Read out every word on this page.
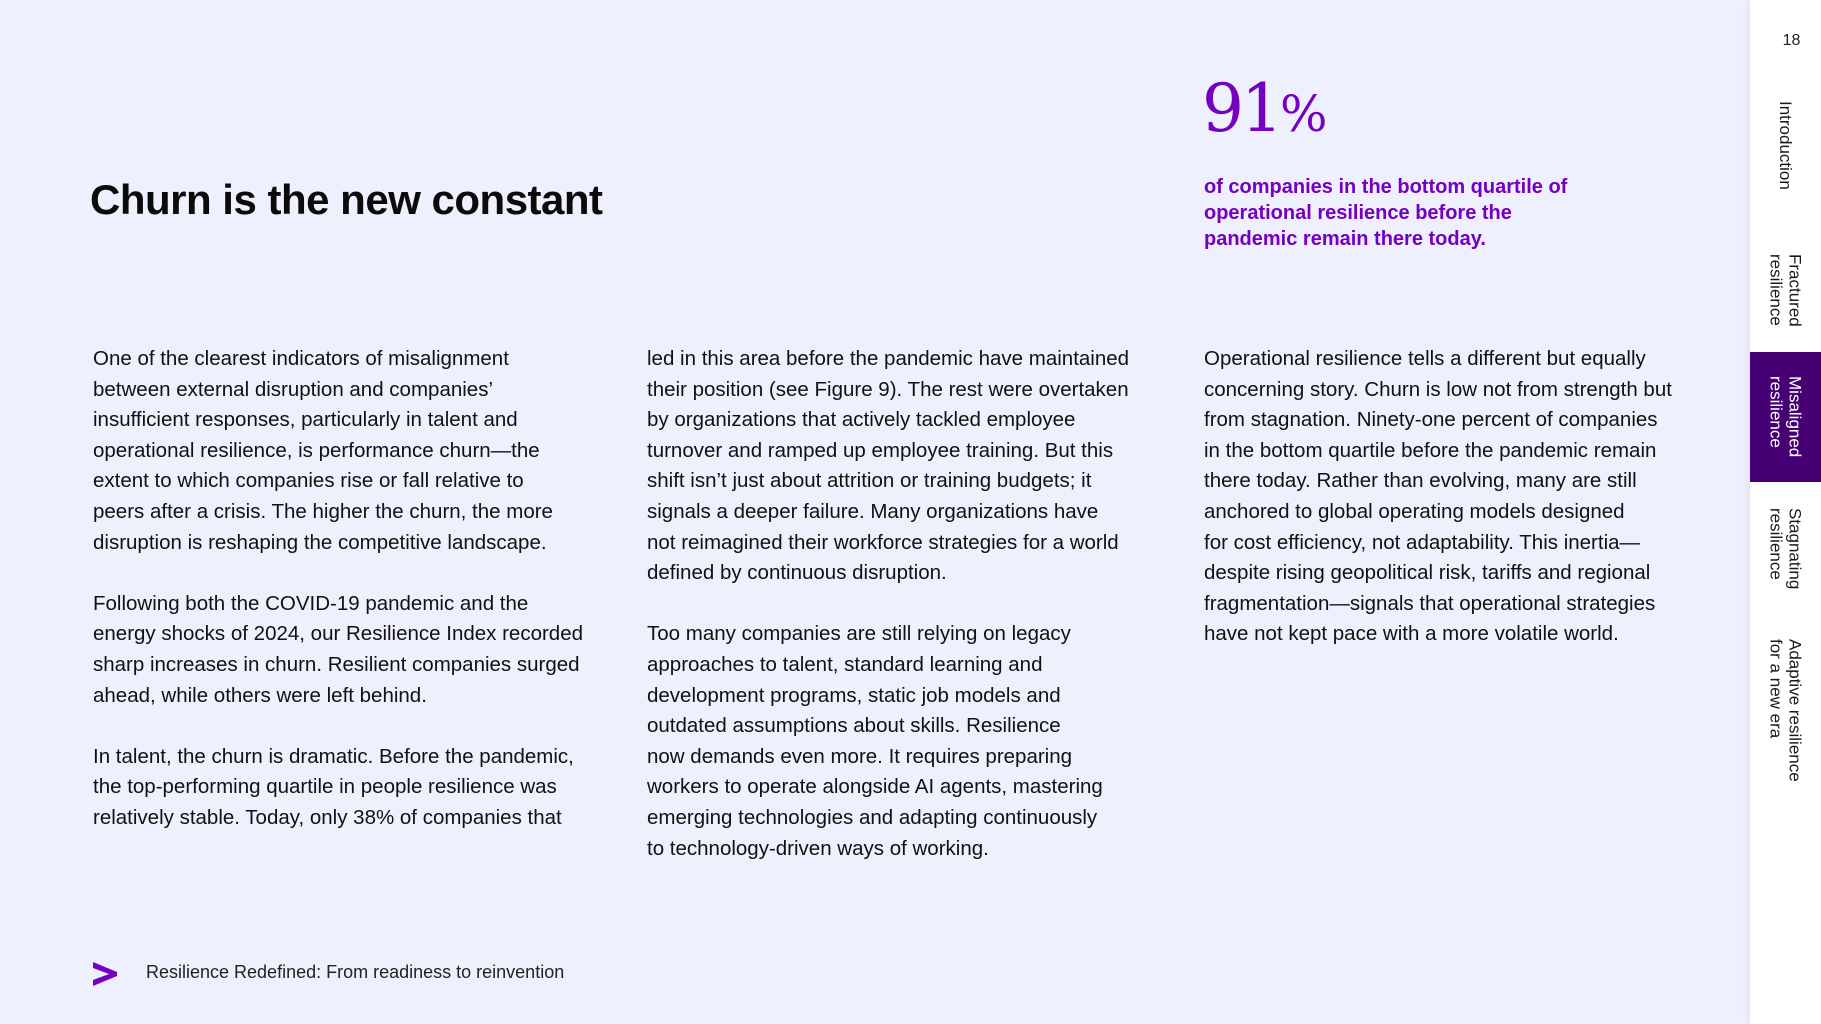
Churn is the new constant
91%
of companies in the bottom quartile of operational resilience before the pandemic remain there today.

One of the clearest indicators of misalignment
between external disruption and companies’
insufficient responses, particularly in talent and
operational resilience, is performance churn—the
extent to which companies rise or fall relative to
peers after a crisis. The higher the churn, the more
disruption is reshaping the competitive landscape.

Following both the COVID-19 pandemic and the
energy shocks of 2024, our Resilience Index recorded
sharp increases in churn. Resilient companies surged
ahead, while others were left behind.

In talent, the churn is dramatic. Before the pandemic,
the top-performing quartile in people resilience was
relatively stable. Today, only 38% of companies that

led in this area before the pandemic have maintained
their position (see Figure 9). The rest were overtaken
by organizations that actively tackled employee
turnover and ramped up employee training. But this
shift isn’t just about attrition or training budgets; it
signals a deeper failure. Many organizations have
not reimagined their workforce strategies for a world
defined by continuous disruption.

Too many companies are still relying on legacy
approaches to talent, standard learning and
development programs, static job models and
outdated assumptions about skills. Resilience
now demands even more. It requires preparing
workers to operate alongside AI agents, mastering
emerging technologies and adapting continuously
to technology-driven ways of working.

Operational resilience tells a different but equally
concerning story. Churn is low not from strength but
from stagnation. Ninety-one percent of companies
in the bottom quartile before the pandemic remain
there today. Rather than evolving, many are still
anchored to global operating models designed
for cost efficiency, not adaptability. This inertia—
despite rising geopolitical risk, tariffs and regional
fragmentation—signals that operational strategies
have not kept pace with a more volatile world.

Resilience Redefined: From readiness to reinvention
18
Introduction
Fractured
resilience
Misaligned
resilience
Stagnating
resilience
Adaptive resilience
for a new era
